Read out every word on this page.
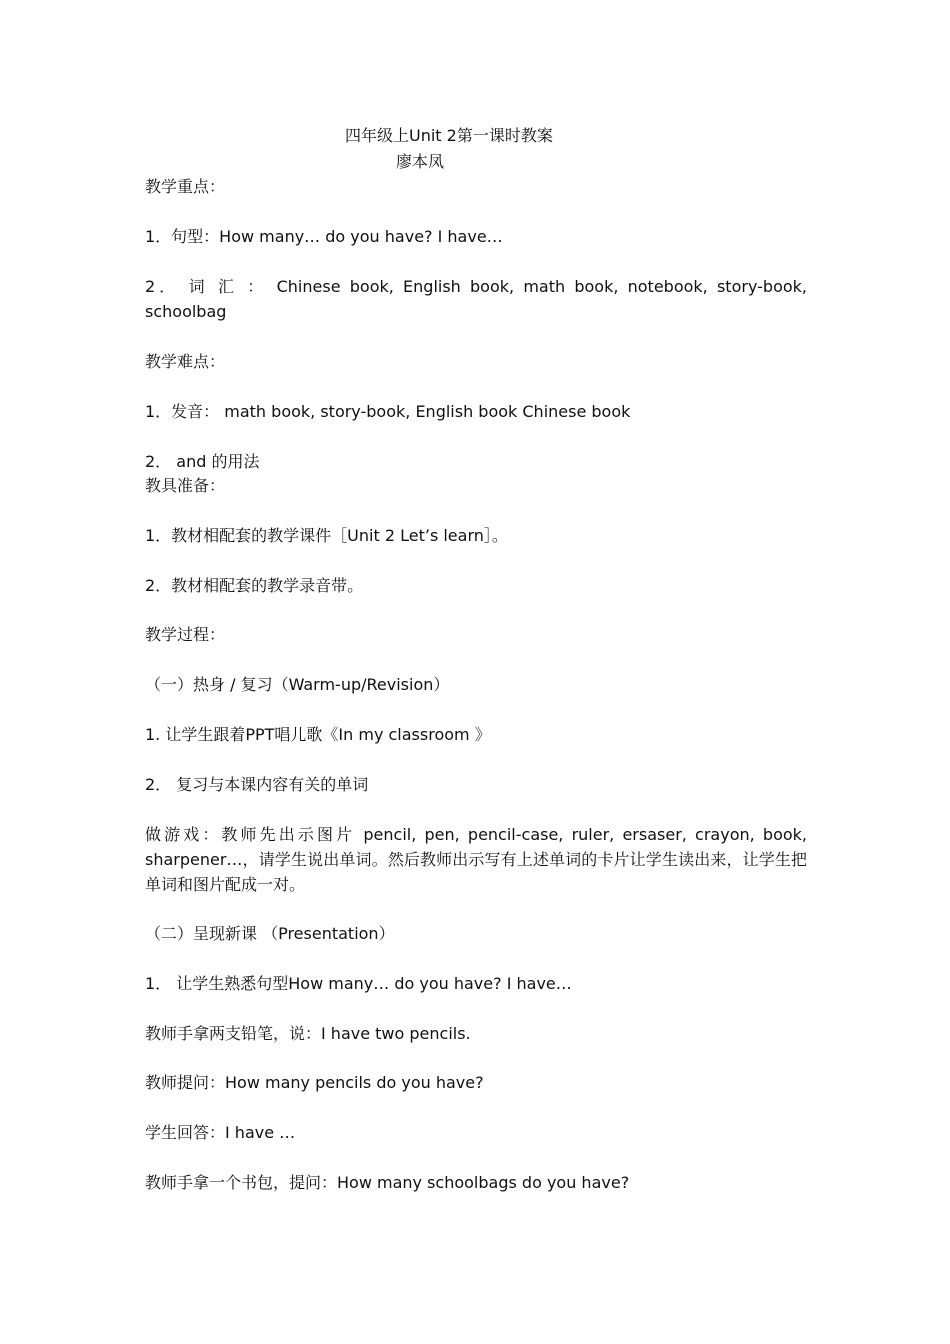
四年级上Unit 2第一课时教案
廖本凤
教学重点：
1．句型：How many… do you have? I have…
2． 词 汇 ： Chinese book, English book, math book, notebook, story-book,
schoolbag
教学难点：
1．发音： math book, story-book, English book Chinese book
2． and 的用法
教具准备：
1．教材相配套的教学课件［Unit 2 Let’s learn］。
2．教材相配套的教学录音带。
教学过程：
（一）热身 / 复习（Warm-up/Revision）
1. 让学生跟着PPT唱儿歌《In my classroom 》
2． 复习与本课内容有关的单词
做游戏：教师先出示图片 pencil, pen, pencil-case, ruler, ersaser, crayon, book, sharpener…，请学生说出单词。然后教师出示写有上述单词的卡片让学生读出来，让学生把单词和图片配成一对。
（二）呈现新课 （Presentation）
1． 让学生熟悉句型How many… do you have? I have…
教师手拿两支铅笔，说：I have two pencils.
教师提问：How many pencils do you have?
学生回答：I have …
教师手拿一个书包，提问：How many schoolbags do you have?
